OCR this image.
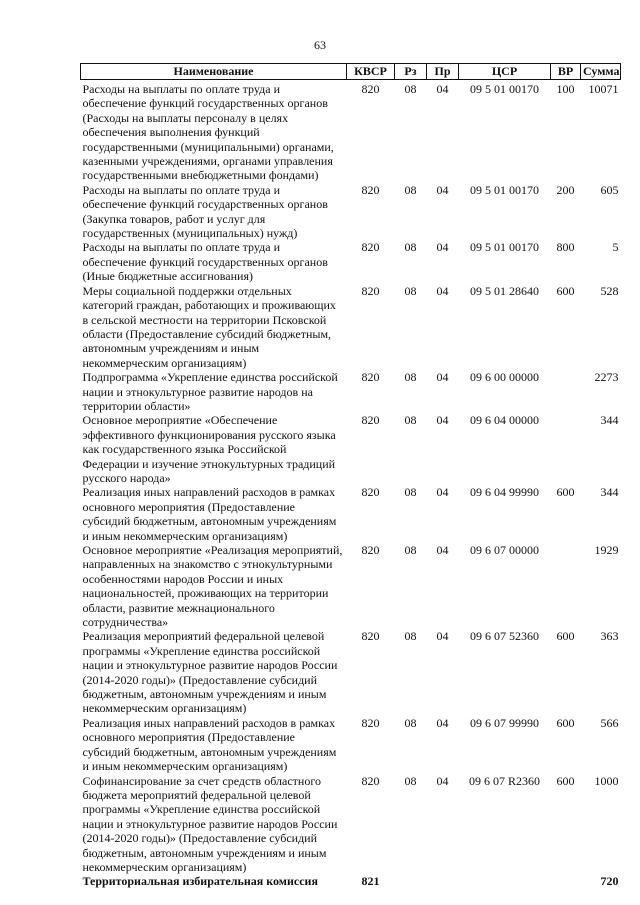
63
Наименование	КВСР	Рз	Пр	ЦСР	ВР	Сумма
Расходы на выплаты по оплате труда и обеспечение функций государственных органов (Расходы на выплаты персоналу в целях обеспечения выполнения функций государственными (муниципальными) органами, казенными учреждениями, органами управления государственными внебюджетными фондами)	820	08	04	09 5 01 00170	100	10071
Расходы на выплаты по оплате труда и обеспечение функций государственных органов (Закупка товаров, работ и услуг для государственных (муниципальных) нужд)	820	08	04	09 5 01 00170	200	605
Расходы на выплаты по оплате труда и обеспечение функций государственных органов (Иные бюджетные ассигнования)	820	08	04	09 5 01 00170	800	5
Меры социальной поддержки отдельных категорий граждан, работающих и проживающих в сельской местности на территории Псковской области (Предоставление субсидий бюджетным, автономным учреждениям и иным некоммерческим организациям)	820	08	04	09 5 01 28640	600	528
Подпрограмма «Укрепление единства российской нации и этнокультурное развитие народов на территории области»	820	08	04	09 6 00 00000		2273
Основное мероприятие «Обеспечение эффективного функционирования русского языка как государственного языка Российской Федерации и изучение этнокультурных традиций русского народа»	820	08	04	09 6 04 00000		344
Реализация иных направлений расходов в рамках основного мероприятия (Предоставление субсидий бюджетным, автономным учреждениям и иным некоммерческим организациям)	820	08	04	09 6 04 99990	600	344
Основное мероприятие «Реализация мероприятий, направленных на знакомство с этнокультурными особенностями народов России и иных национальностей, проживающих на территории области, развитие межнационального сотрудничества»	820	08	04	09 6 07 00000		1929
Реализация мероприятий федеральной целевой программы «Укрепление единства российской нации и этнокультурное развитие народов России (2014-2020 годы)» (Предоставление субсидий бюджетным, автономным учреждениям и иным некоммерческим организациям)	820	08	04	09 6 07 52360	600	363
Реализация иных направлений расходов в рамках основного мероприятия (Предоставление субсидий бюджетным, автономным учреждениям и иным некоммерческим организациям)	820	08	04	09 6 07 99990	600	566
Софинансирование за счет средств областного бюджета мероприятий федеральной целевой программы «Укрепление единства российской нации и этнокультурное развитие народов России (2014-2020 годы)» (Предоставление субсидий бюджетным, автономным учреждениям и иным некоммерческим организациям)	820	08	04	09 6 07 R2360	600	1000
Территориальная избирательная комиссия	821					720
